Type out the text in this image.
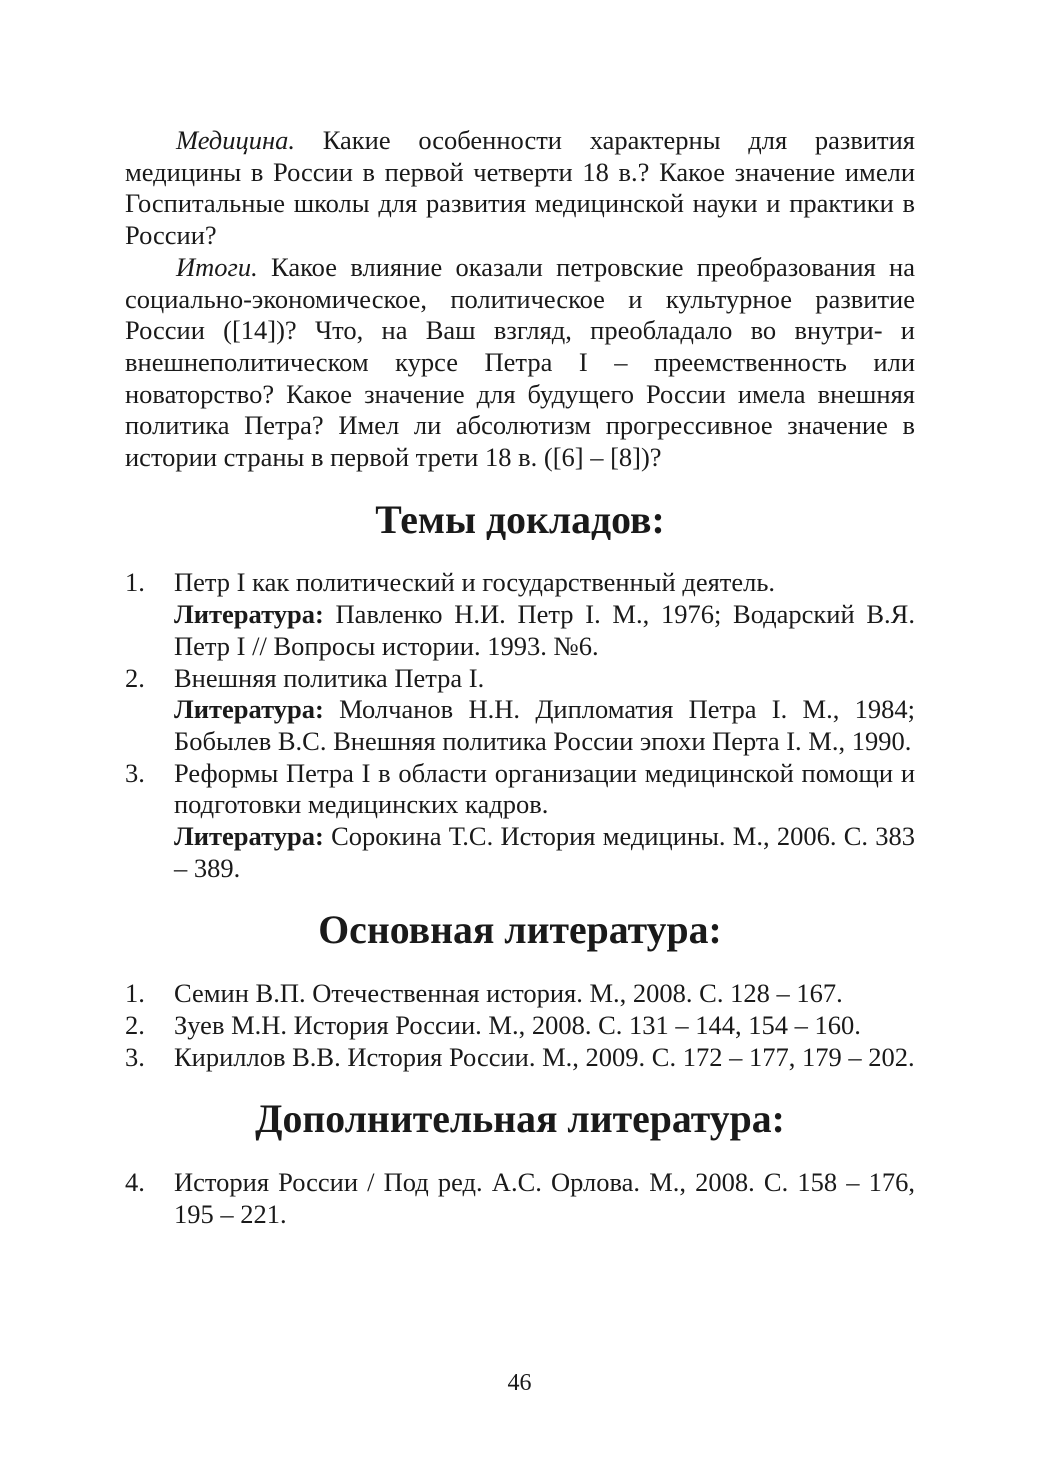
Медицина. Какие особенности характерны для развития медицины в России в первой четверти 18 в.? Какое значение имели Госпитальные школы для развития медицинской науки и практики в России?

Итоги. Какое влияние оказали петровские преобразования на социально-экономическое, политическое и культурное развитие России ([14])? Что, на Ваш взгляд, преобладало во внутри- и внешнеполитическом курсе Петра I – преемственность или новаторство? Какое значение для будущего России имела внешняя политика Петра? Имел ли абсолютизм прогрессивное значение в истории страны в первой трети 18 в. ([6] – [8])?

Темы докладов:
1. Петр I как политический и государственный деятель.
Литература: Павленко Н.И. Петр I. М., 1976; Водарский В.Я. Петр I // Вопросы истории. 1993. №6.
2. Внешняя политика Петра I.
Литература: Молчанов Н.Н. Дипломатия Петра I. М., 1984; Бобылев В.С. Внешняя политика России эпохи Перта I. М., 1990.
3. Реформы Петра I в области организации медицинской помощи и подготовки медицинских кадров.
Литература: Сорокина Т.С. История медицины. М., 2006. С. 383 – 389.
Основная литература:
1. Семин В.П. Отечественная история. М., 2008. С. 128 – 167.
2. Зуев М.Н. История России. М., 2008. С. 131 – 144, 154 – 160.
3. Кириллов В.В. История России. М., 2009. С. 172 – 177, 179 – 202.
Дополнительная литература:
4. История России / Под ред. А.С. Орлова. М., 2008. С. 158 – 176, 195 – 221.
46
